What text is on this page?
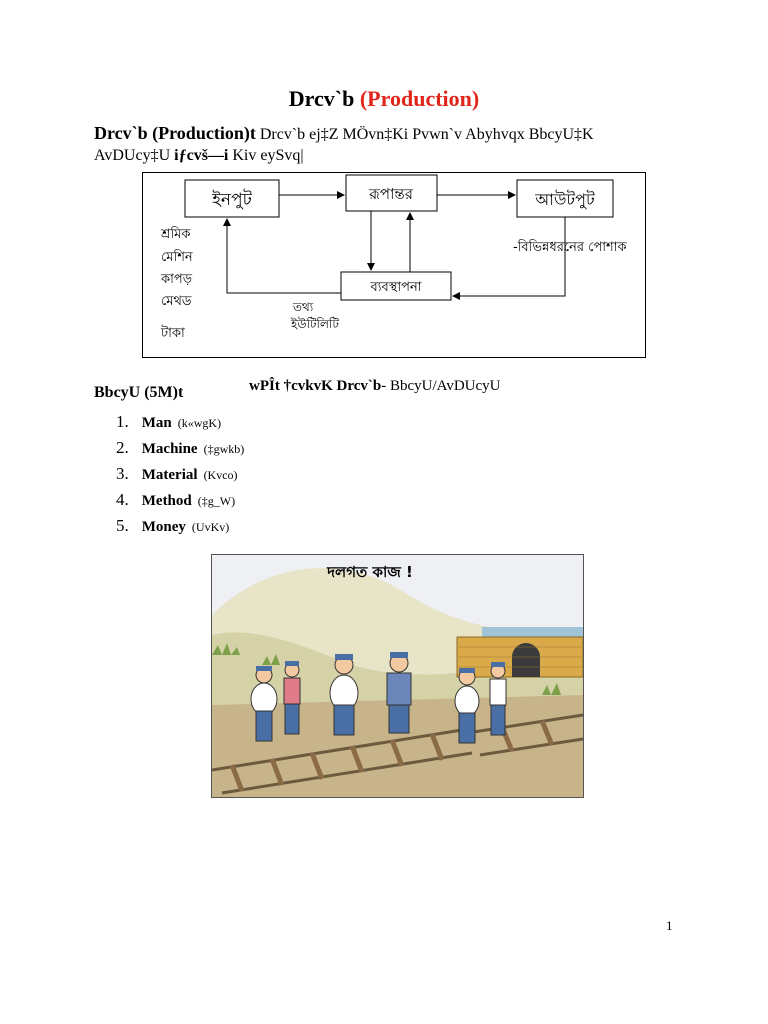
Drcv`b (Production)
Drcv`b (Production)t Drcv`b ej‡Z MÖvn‡Ki Pvwn`v Abyhvqx BbcyU‡K
AvDUcy‡U iƒcvš—i Kiv eySvq|
ইনপুট	রূপান্তর	আউটপুট
ব্যবস্থাপনা
শ্রমিক
মেশিন
কাপড়
মেথড
টাকা
তথ্য
ইউটিলিটি
-বিভিন্নধরনের পোশাক
BbcyU (5M)t	wPÎt †cvkvK Drcv`b- BbcyU/AvDUcyU
1. Man (k«wgK)
2. Machine (‡gwkb)
3. Material (Kvco)
4. Method (‡g_W)
5. Money (UvKv)
দলগত কাজ !
1
